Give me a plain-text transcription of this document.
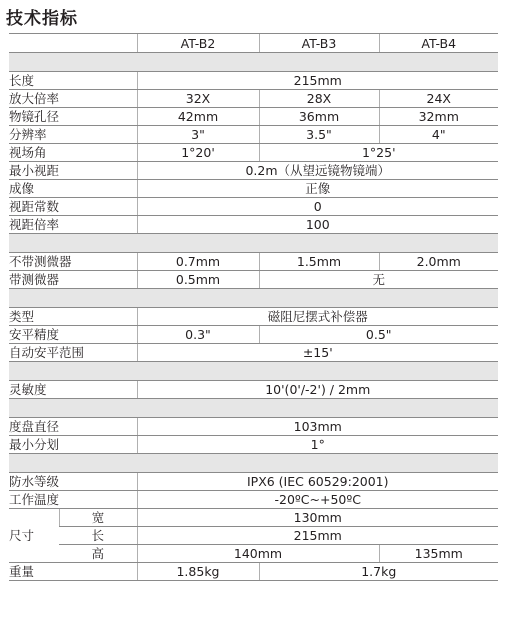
技术指标
		AT-B2	AT-B3	AT-B4

长度		215mm		
放大倍率		32X	28X	24X
物镜孔径		42mm	36mm	32mm
分辨率		3"	3.5"	4"
视场角		1°20'	1°25'	
最小视距		0.2m（从望远镜物镜端）		
成像		正像		
视距常数		0		
视距倍率		100		

不带测微器		0.7mm	1.5mm	2.0mm
带测微器		0.5mm	无	

类型		磁阻尼摆式补偿器		
安平精度		0.3"	0.5"	
自动安平范围		±15'		

灵敏度		10'(0'/-2') / 2mm		

度盘直径		103mm		
最小分划		1°		

防水等级		IPX6 (IEC 60529:2001)		
工作温度		-20ºC~+50ºC		
尺寸	宽	130mm		
	长	215mm		
	高	140mm		135mm
重量		1.85kg	1.7kg	
